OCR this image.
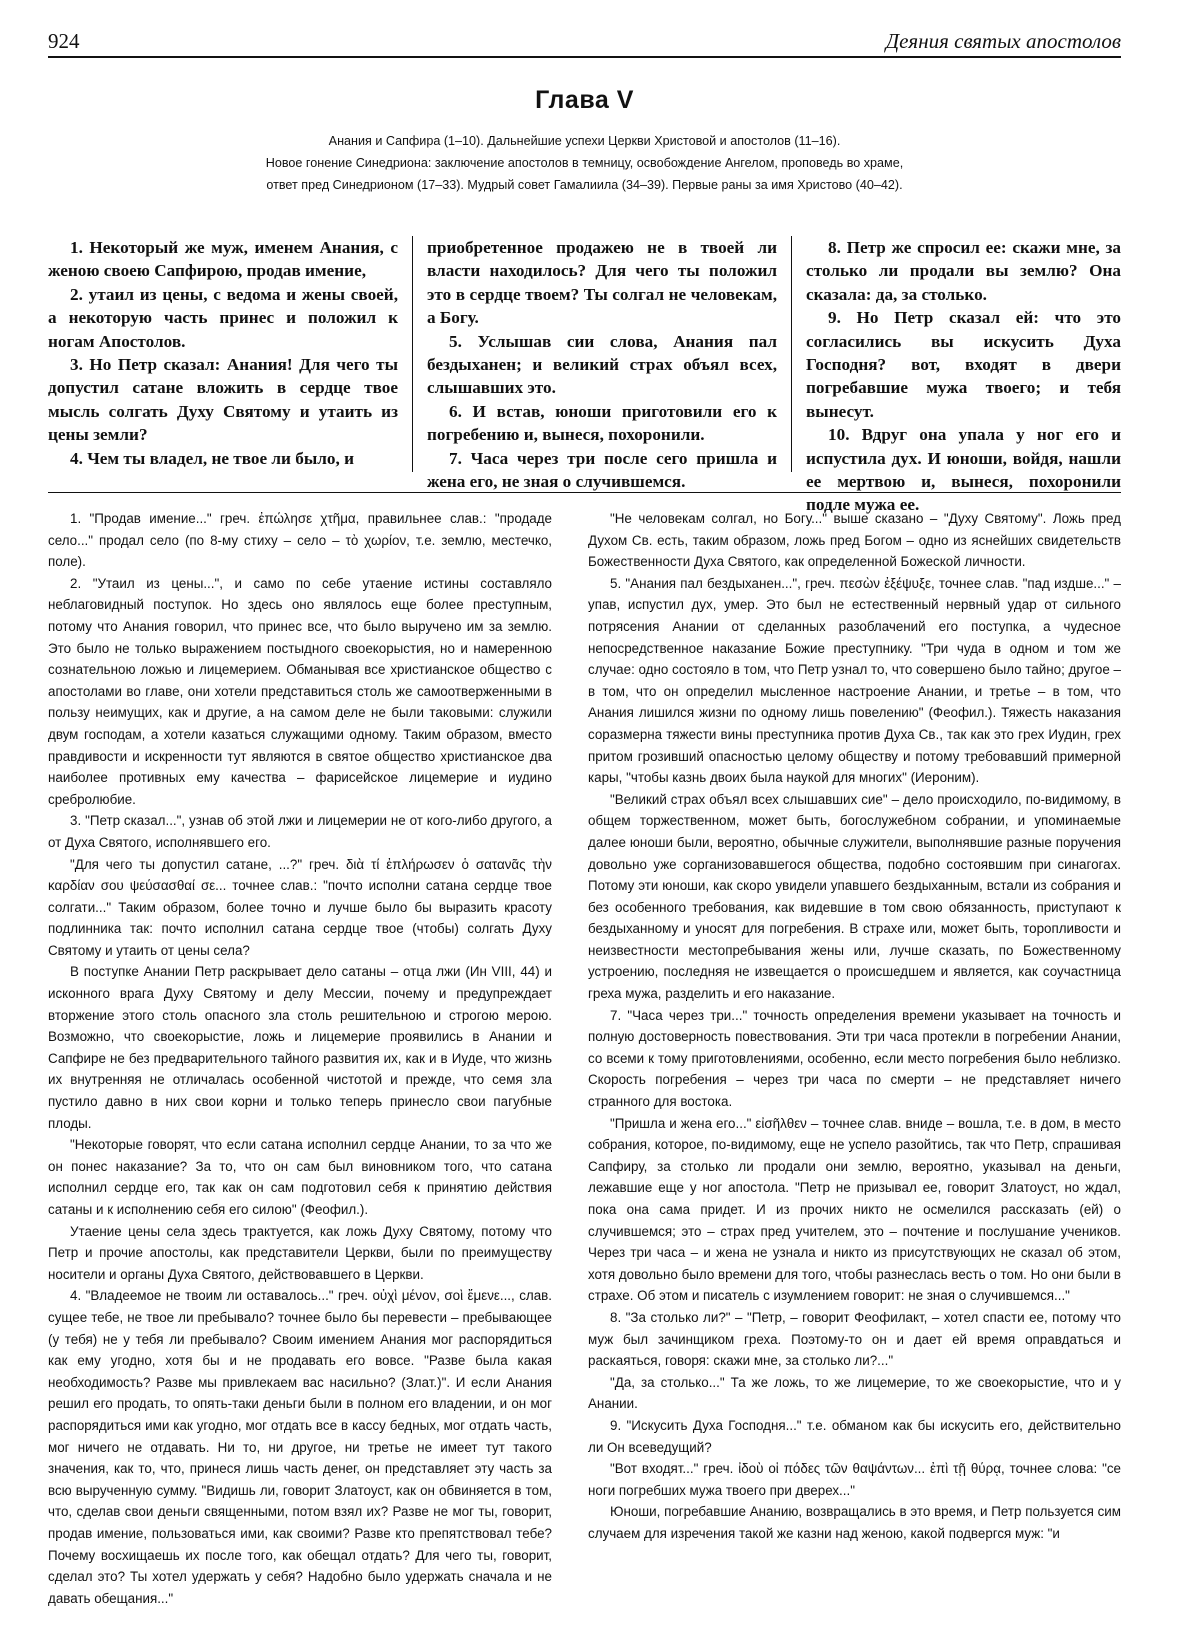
924	Деяния святых апостолов
Глава V
Анания и Сапфира (1–10). Дальнейшие успехи Церкви Христовой и апостолов (11–16).
Новое гонение Синедриона: заключение апостолов в темницу, освобождение Ангелом, проповедь во храме,
ответ пред Синедрионом (17–33). Мудрый совет Гамалиила (34–39). Первые раны за имя Христово (40–42).

1. Некоторый же муж, именем Анания, с женою своею Сапфирою, продав имение,

2. утаил из цены, с ведома и жены своей, а некоторую часть принес и положил к ногам Апостолов.

3. Но Петр сказал: Анания! Для чего ты допустил сатане вложить в сердце твое мысль солгать Духу Святому и утаить из цены земли?

4. Чем ты владел, не твое ли было, и

приобретенное продажею не в твоей ли власти находилось? Для чего ты положил это в сердце твоем? Ты солгал не человекам, а Богу.

5. Услышав сии слова, Анания пал бездыханен; и великий страх объял всех, слышавших это.

6. И встав, юноши приготовили его к погребению и, вынеся, похоронили.

7. Часа через три после сего пришла и жена его, не зная о случившемся.

8. Петр же спросил ее: скажи мне, за столько ли продали вы землю? Она сказала: да, за столько.

9. Но Петр сказал ей: что это согласились вы искусить Духа Господня? вот, входят в двери погребавшие мужа твоего; и тебя вынесут.

10. Вдруг она упала у ног его и испустила дух. И юноши, войдя, нашли ее мертвою и, вынеся, похоронили подле мужа ее.

1. "Продав имение..." греч. ἐπώλησε χτῆμα, правильнее слав.: "продаде село..." продал село (по 8-му стиху – село – τὸ χωρίον, т.е. землю, местечко, поле).

2. "Утаил из цены...", и само по себе утаение истины составляло неблаговидный поступок. Но здесь оно являлось еще более преступным, потому что Анания говорил, что принес все, что было выручено им за землю. Это было не только выражением постыдного своекорыстия, но и намеренною сознательною ложью и лицемерием. Обманывая все христианское общество с апостолами во главе, они хотели представиться столь же самоотверженными в пользу неимущих, как и другие, а на самом деле не были таковыми: служили двум господам, а хотели казаться служащими одному. Таким образом, вместо правдивости и искренности тут являются в святое общество христианское два наиболее противных ему качества – фарисейское лицемерие и иудино сребролюбие.

3. "Петр сказал...", узнав об этой лжи и лицемерии не от кого-либо другого, а от Духа Святого, исполнявшего его.

"Для чего ты допустил сатане, ...?" греч. διὰ τί ἐπλήρωσεν ὁ σατανᾶς τὴν καρδίαν σου ψεύσασθαί σε... точнее слав.: "почто исполни сатана сердце твое солгати..." Таким образом, более точно и лучше было бы выразить красоту подлинника так: почто исполнил сатана сердце твое (чтобы) солгать Духу Святому и утаить от цены села?

В поступке Анании Петр раскрывает дело сатаны – отца лжи (Ин VIII, 44) и исконного врага Духу Святому и делу Мессии, почему и предупреждает вторжение этого столь опасного зла столь решительною и строгою мерою. Возможно, что своекорыстие, ложь и лицемерие проявились в Анании и Сапфире не без предварительного тайного развития их, как и в Иуде, что жизнь их внутренняя не отличалась особенной чистотой и прежде, что семя зла пустило давно в них свои корни и только теперь принесло свои пагубные плоды.

"Некоторые говорят, что если сатана исполнил сердце Анании, то за что же он понес наказание? За то, что он сам был виновником того, что сатана исполнил сердце его, так как он сам подготовил себя к принятию действия сатаны и к исполнению себя его силою" (Феофил.).

Утаение цены села здесь трактуется, как ложь Духу Святому, потому что Петр и прочие апостолы, как представители Церкви, были по преимуществу носители и органы Духа Святого, действовавшего в Церкви.

4. "Владеемое не твоим ли оставалось..." греч. οὐχὶ μένον, σοὶ ἔμενε..., слав. сущее тебе, не твое ли пребывало? точнее было бы перевести – пребывающее (у тебя) не у тебя ли пребывало? Своим имением Анания мог распорядиться как ему угодно, хотя бы и не продавать его вовсе. "Разве была какая необходимость? Разве мы привлекаем вас насильно? (Злат.)". И если Анания решил его продать, то опять-таки деньги были в полном его владении, и он мог распорядиться ими как угодно, мог отдать все в кассу бедных, мог отдать часть, мог ничего не отдавать. Ни то, ни другое, ни третье не имеет тут такого значения, как то, что, принеся лишь часть денег, он представляет эту часть за всю вырученную сумму. "Видишь ли, говорит Златоуст, как он обвиняется в том, что, сделав свои деньги священными, потом взял их? Разве не мог ты, говорит, продав имение, пользоваться ими, как своими? Разве кто препятствовал тебе? Почему восхищаешь их после того, как обещал отдать? Для чего ты, говорит, сделал это? Ты хотел удержать у себя? Надобно было удержать сначала и не давать обещания..."

"Не человекам солгал, но Богу..." выше сказано – "Духу Святому". Ложь пред Духом Св. есть, таким образом, ложь пред Богом – одно из яснейших свидетельств Божественности Духа Святого, как определенной Божеской личности.

5. "Анания пал бездыханен...", греч. πεσὼν ἐξέψυξε, точнее слав. "пад издше..." – упав, испустил дух, умер. Это был не естественный нервный удар от сильного потрясения Анании от сделанных разоблачений его поступка, а чудесное непосредственное наказание Божие преступнику. "Три чуда в одном и том же случае: одно состояло в том, что Петр узнал то, что совершено было тайно; другое – в том, что он определил мысленное настроение Анании, и третье – в том, что Анания лишился жизни по одному лишь повелению" (Феофил.). Тяжесть наказания соразмерна тяжести вины преступника против Духа Св., так как это грех Иудин, грех притом грозивший опасностью целому обществу и потому требовавший примерной кары, "чтобы казнь двоих была наукой для многих" (Иероним).

"Великий страх объял всех слышавших сие" – дело происходило, по-видимому, в общем торжественном, может быть, богослужебном собрании, и упоминаемые далее юноши были, вероятно, обычные служители, выполнявшие разные поручения довольно уже сорганизовавшегося общества, подобно состоявшим при синагогах. Потому эти юноши, как скоро увидели упавшего бездыханным, встали из собрания и без особенного требования, как видевшие в том свою обязанность, приступают к бездыханному и уносят для погребения. В страхе или, может быть, торопливости и неизвестности местопребывания жены или, лучше сказать, по Божественному устроению, последняя не извещается о происшедшем и является, как соучастница греха мужа, разделить и его наказание.

7. "Часа через три..." точность определения времени указывает на точность и полную достоверность повествования. Эти три часа протекли в погребении Анании, со всеми к тому приготовлениями, особенно, если место погребения было неблизко. Скорость погребения – через три часа по смерти – не представляет ничего странного для востока.

"Пришла и жена его..." εἰσῆλθεν – точнее слав. вниде – вошла, т.е. в дом, в место собрания, которое, по-видимому, еще не успело разойтись, так что Петр, спрашивая Сапфиру, за столько ли продали они землю, вероятно, указывал на деньги, лежавшие еще у ног апостола. "Петр не призывал ее, говорит Златоуст, но ждал, пока она сама придет. И из прочих никто не осмелился рассказать (ей) о случившемся; это – страх пред учителем, это – почтение и послушание учеников. Через три часа – и жена не узнала и никто из присутствующих не сказал об этом, хотя довольно было времени для того, чтобы разнеслась весть о том. Но они были в страхе. Об этом и писатель с изумлением говорит: не зная о случившемся..."

8. "За столько ли?" – "Петр, – говорит Феофилакт, – хотел спасти ее, потому что муж был зачинщиком греха. Поэтому-то он и дает ей время оправдаться и раскаяться, говоря: скажи мне, за столько ли?..."

"Да, за столько..." Та же ложь, то же лицемерие, то же своекорыстие, что и у Анании.

9. "Искусить Духа Господня..." т.е. обманом как бы искусить его, действительно ли Он всеведущий?

"Вот входят..." греч. ἰδοὺ οἱ πόδες τῶν θαψάντων... ἐπὶ τῇ θύρᾳ, точнее слова: "се ноги погребших мужа твоего при дверех..."

Юноши, погребавшие Ананию, возвращались в это время, и Петр пользуется сим случаем для изречения такой же казни над женою, какой подвергся муж: "и
